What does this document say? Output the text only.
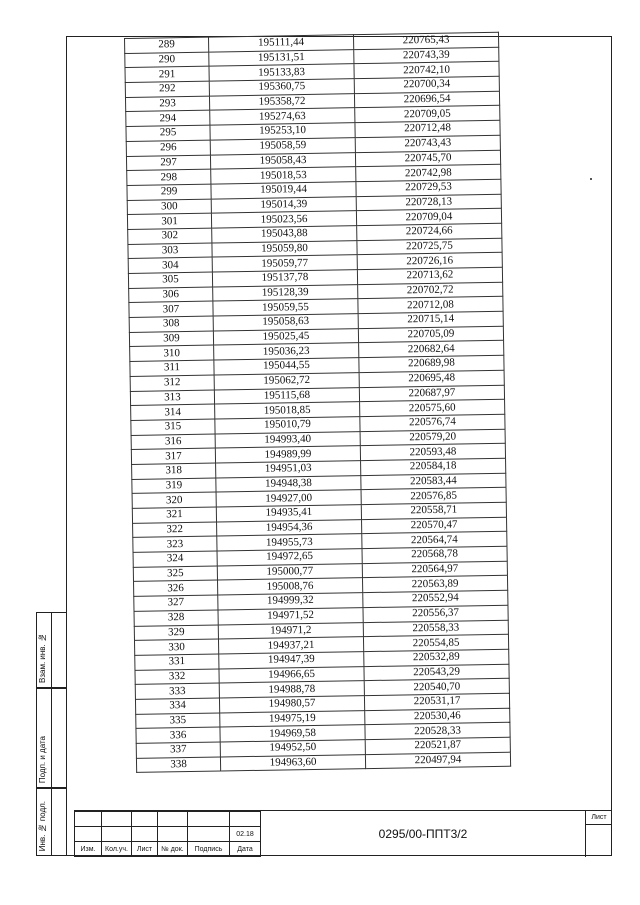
289	195111,44	220765,43
290	195131,51	220743,39
291	195133,83	220742,10
292	195360,75	220700,34
293	195358,72	220696,54
294	195274,63	220709,05
295	195253,10	220712,48
296	195058,59	220743,43
297	195058,43	220745,70
298	195018,53	220742,98
299	195019,44	220729,53
300	195014,39	220728,13
301	195023,56	220709,04
302	195043,88	220724,66
303	195059,80	220725,75
304	195059,77	220726,16
305	195137,78	220713,62
306	195128,39	220702,72
307	195059,55	220712,08
308	195058,63	220715,14
309	195025,45	220705,09
310	195036,23	220682,64
311	195044,55	220689,98
312	195062,72	220695,48
313	195115,68	220687,97
314	195018,85	220575,60
315	195010,79	220576,74
316	194993,40	220579,20
317	194989,99	220593,48
318	194951,03	220584,18
319	194948,38	220583,44
320	194927,00	220576,85
321	194935,41	220558,71
322	194954,36	220570,47
323	194955,73	220564,74
324	194972,65	220568,78
325	195000,77	220564,97
326	195008,76	220563,89
327	194999,32	220552,94
328	194971,52	220556,37
329	194971,2	220558,33
330	194937,21	220554,85
331	194947,39	220532,89
332	194966,65	220543,29
333	194988,78	220540,70
334	194980,57	220531,17
335	194975,19	220530,46
336	194969,58	220528,33
337	194952,50	220521,87
338	194963,60	220497,94
Взам. инв. №
Подп. и дата
Инв. № подл.

						02.18
Изм.	Кол.уч.	Лист	№ док.	Подпись	Дата
0295/00-ППТ3/2
Лист
